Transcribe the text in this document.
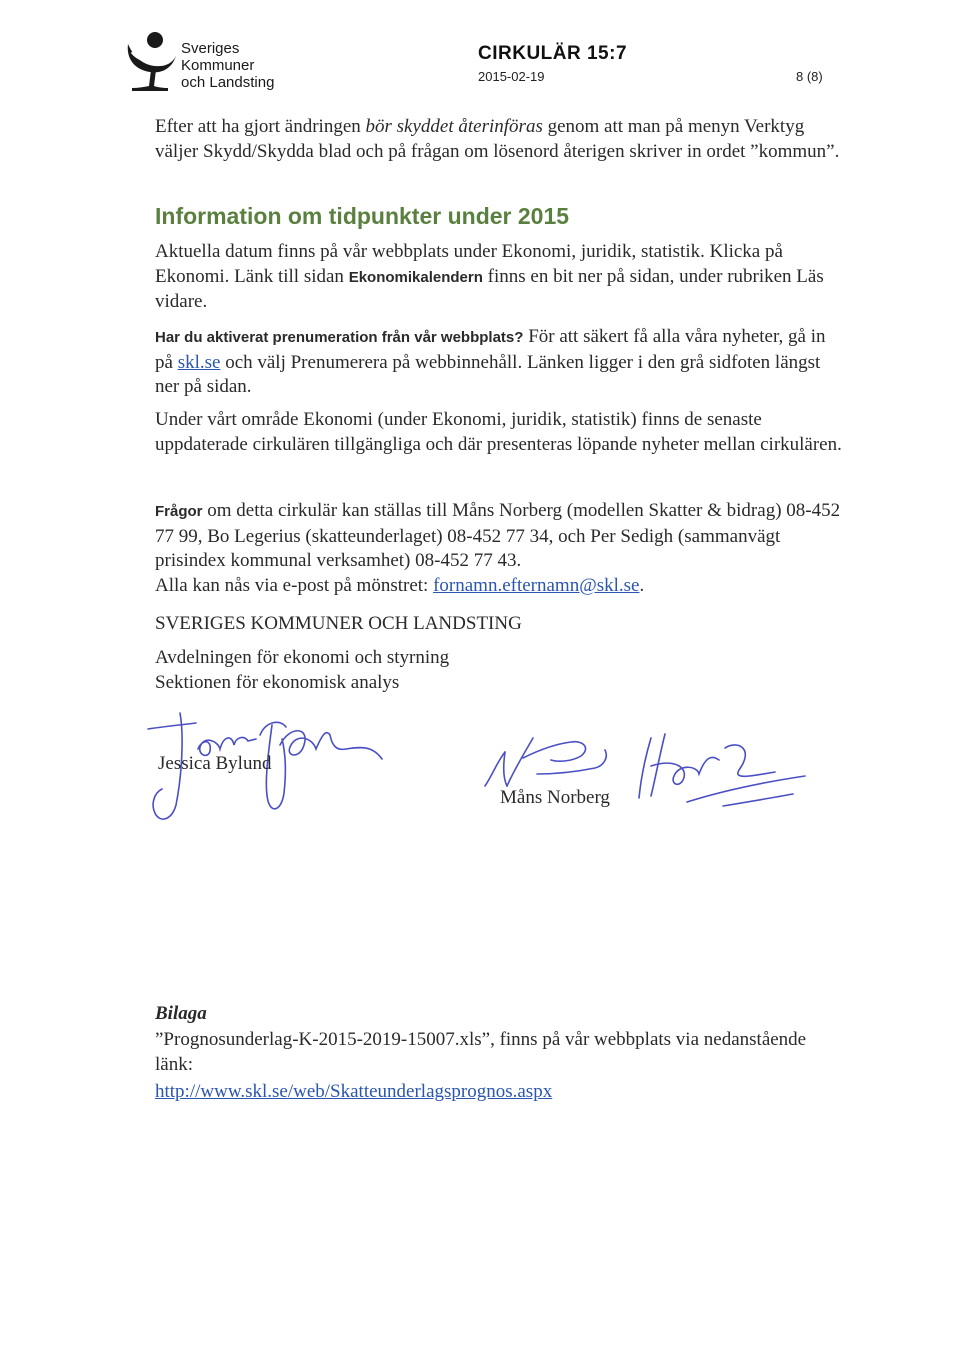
Sveriges
Kommuner
och Landsting
CIRKULÄR 15:7
2015-02-19	8 (8)

Efter att ha gjort ändringen bör skyddet återinföras genom att man på menyn Verktyg väljer Skydd/Skydda blad och på frågan om lösenord återigen skriver in ordet ”kommun”.

Information om tidpunkter under 2015

Aktuella datum finns på vår webbplats under Ekonomi, juridik, statistik. Klicka på Ekonomi. Länk till sidan Ekonomikalendern finns en bit ner på sidan, under rubriken Läs vidare.

Har du aktiverat prenumeration från vår webbplats? För att säkert få alla våra nyheter, gå in på skl.se och välj Prenumerera på webbinnehåll. Länken ligger i den grå sidfoten längst ner på sidan.

Under vårt område Ekonomi (under Ekonomi, juridik, statistik) finns de senaste uppdaterade cirkulären tillgängliga och där presenteras löpande nyheter mellan cirkulären.

Frågor om detta cirkulär kan ställas till Måns Norberg (modellen Skatter & bidrag) 08-452 77 99, Bo Legerius (skatteunderlaget) 08-452 77 34, och Per Sedigh (sammanvägt prisindex kommunal verksamhet) 08-452 77 43.
Alla kan nås via e-post på mönstret: fornamn.efternamn@skl.se.

SVERIGES KOMMUNER OCH LANDSTING
Avdelningen för ekonomi och styrning
Sektionen för ekonomisk analys
Jessica Bylund
Måns Norberg
Bilaga

”Prognosunderlag-K-2015-2019-15007.xls”, finns på vår webbplats via nedanstående länk:

http://www.skl.se/web/Skatteunderlagsprognos.aspx
